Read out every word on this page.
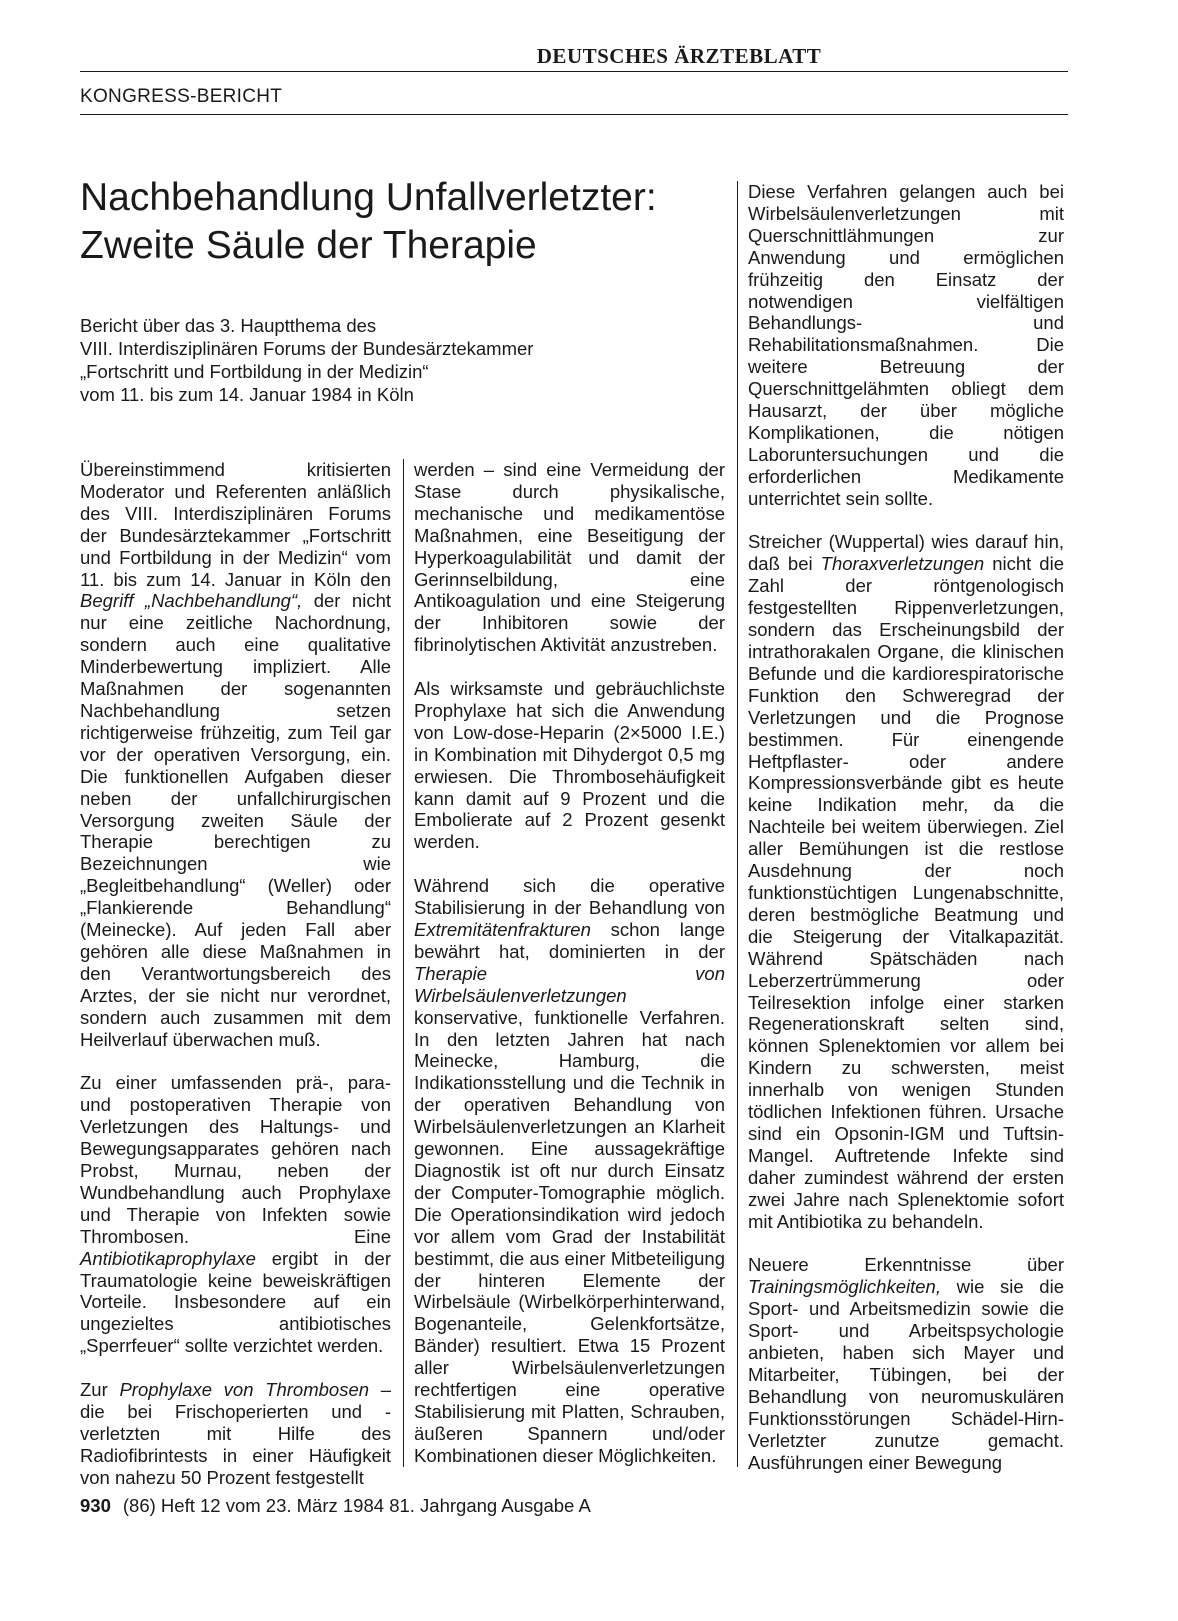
DEUTSCHES ÄRZTEBLATT
KONGRESS-BERICHT
Nachbehandlung Unfallverletzter:
Zweite Säule der Therapie
Bericht über das 3. Hauptthema des
VIII. Interdisziplinären Forums der Bundesärztekammer
„Fortschritt und Fortbildung in der Medizin“
vom 11. bis zum 14. Januar 1984 in Köln

Übereinstimmend kritisierten Moderator und Referenten anläßlich des VIII. Interdisziplinären Forums der Bundesärztekammer „Fortschritt und Fortbildung in der Medizin“ vom 11. bis zum 14. Januar in Köln den Begriff „Nachbehandlung“, der nicht nur eine zeitliche Nachordnung, sondern auch eine qualitative Minderbewertung impliziert. Alle Maßnahmen der sogenannten Nachbehandlung setzen richtigerweise frühzeitig, zum Teil gar vor der operativen Versorgung, ein. Die funktionellen Aufgaben dieser neben der unfallchirurgischen Versorgung zweiten Säule der Therapie berechtigen zu Bezeichnungen wie „Begleitbehandlung“ (Weller) oder „Flankierende Behandlung“ (Meinecke). Auf jeden Fall aber gehören alle diese Maßnahmen in den Verantwortungsbereich des Arztes, der sie nicht nur verordnet, sondern auch zusammen mit dem Heilverlauf überwachen muß.

Zu einer umfassenden prä-, para- und postoperativen Therapie von Verletzungen des Haltungs- und Bewegungsapparates gehören nach Probst, Murnau, neben der Wundbehandlung auch Prophylaxe und Therapie von Infekten sowie Thrombosen. Eine Antibiotikaprophylaxe ergibt in der Traumatologie keine beweiskräftigen Vorteile. Insbesondere auf ein ungezieltes antibiotisches „Sperrfeuer“ sollte verzichtet werden.

Zur Prophylaxe von Thrombosen – die bei Frischoperierten und -verletzten mit Hilfe des Radiofibrintests in einer Häufigkeit von nahezu 50 Prozent festgestellt

werden – sind eine Vermeidung der Stase durch physikalische, mechanische und medikamentöse Maßnahmen, eine Beseitigung der Hyperkoagulabilität und damit der Gerinnselbildung, eine Antikoagulation und eine Steigerung der Inhibitoren sowie der fibrinolytischen Aktivität anzustreben.

Als wirksamste und gebräuchlichste Prophylaxe hat sich die Anwendung von Low-dose-Heparin (2×5000 I.E.) in Kombination mit Dihydergot 0,5 mg erwiesen. Die Thrombosehäufigkeit kann damit auf 9 Prozent und die Embolierate auf 2 Prozent gesenkt werden.

Während sich die operative Stabilisierung in der Behandlung von Extremitätenfrakturen schon lange bewährt hat, dominierten in der Therapie von Wirbelsäulenverletzungen konservative, funktionelle Verfahren. In den letzten Jahren hat nach Meinecke, Hamburg, die Indikationsstellung und die Technik in der operativen Behandlung von Wirbelsäulenverletzungen an Klarheit gewonnen. Eine aussagekräftige Diagnostik ist oft nur durch Einsatz der Computer-Tomographie möglich. Die Operationsindikation wird jedoch vor allem vom Grad der Instabilität bestimmt, die aus einer Mitbeteiligung der hinteren Elemente der Wirbelsäule (Wirbelkörperhinterwand, Bogenanteile, Gelenkfortsätze, Bänder) resultiert. Etwa 15 Prozent aller Wirbelsäulenverletzungen rechtfertigen eine operative Stabilisierung mit Platten, Schrauben, äußeren Spannern und/oder Kombinationen dieser Möglichkeiten.

Diese Verfahren gelangen auch bei Wirbelsäulenverletzungen mit Querschnittlähmungen zur Anwendung und ermöglichen frühzeitig den Einsatz der notwendigen vielfältigen Behandlungs- und Rehabilitationsmaßnahmen. Die weitere Betreuung der Querschnittgelähmten obliegt dem Hausarzt, der über mögliche Komplikationen, die nötigen Laboruntersuchungen und die erforderlichen Medikamente unterrichtet sein sollte.

Streicher (Wuppertal) wies darauf hin, daß bei Thoraxverletzungen nicht die Zahl der röntgenologisch festgestellten Rippenverletzungen, sondern das Erscheinungsbild der intrathorakalen Organe, die klinischen Befunde und die kardiorespiratorische Funktion den Schweregrad der Verletzungen und die Prognose bestimmen. Für einengende Heftpflaster- oder andere Kompressionsverbände gibt es heute keine Indikation mehr, da die Nachteile bei weitem überwiegen. Ziel aller Bemühungen ist die restlose Ausdehnung der noch funktionstüchtigen Lungenabschnitte, deren bestmögliche Beatmung und die Steigerung der Vitalkapazität. Während Spätschäden nach Leberzertrümmerung oder Teilresektion infolge einer starken Regenerationskraft selten sind, können Splenektomien vor allem bei Kindern zu schwersten, meist innerhalb von wenigen Stunden tödlichen Infektionen führen. Ursache sind ein Opsonin-IGM und Tuftsin-Mangel. Auftretende Infekte sind daher zumindest während der ersten zwei Jahre nach Splenektomie sofort mit Antibiotika zu behandeln.

Neuere Erkenntnisse über Trainingsmöglichkeiten, wie sie die Sport- und Arbeitsmedizin sowie die Sport- und Arbeitspsychologie anbieten, haben sich Mayer und Mitarbeiter, Tübingen, bei der Behandlung von neuromuskulären Funktionsstörungen Schädel-Hirn-Verletzter zunutze gemacht. Ausführungen einer Bewegung

930 (86) Heft 12 vom 23. März 1984 81. Jahrgang Ausgabe A
